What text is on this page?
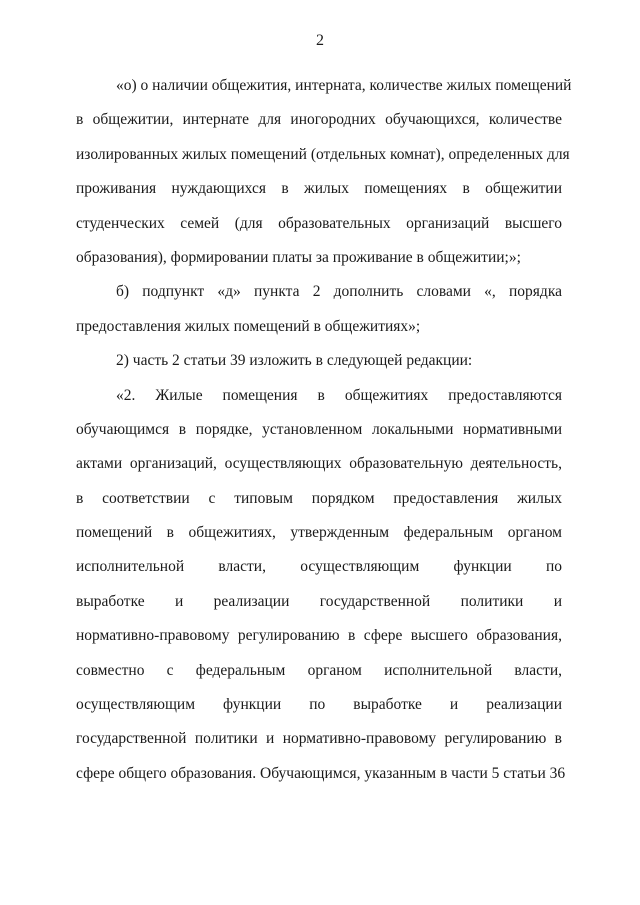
2
«о) о наличии общежития, интерната, количестве жилых помещений
в общежитии, интернате для иногородних обучающихся, количестве
изолированных жилых помещений (отдельных комнат), определенных для
проживания нуждающихся в жилых помещениях в общежитии
студенческих семей (для образовательных организаций высшего
образования), формировании платы за проживание в общежитии;»;
б) подпункт «д» пункта 2 дополнить словами «, порядка
предоставления жилых помещений в общежитиях»;
2) часть 2 статьи 39 изложить в следующей редакции:
«2. Жилые помещения в общежитиях предоставляются
обучающимся в порядке, установленном локальными нормативными
актами организаций, осуществляющих образовательную деятельность,
в соответствии с типовым порядком предоставления жилых
помещений в общежитиях, утвержденным федеральным органом
исполнительной власти, осуществляющим функции по
выработке и реализации государственной политики и
нормативно-правовому регулированию в сфере высшего образования,
совместно с федеральным органом исполнительной власти,
осуществляющим функции по выработке и реализации
государственной политики и нормативно-правовому регулированию в
сфере общего образования. Обучающимся, указанным в части 5 статьи 36
